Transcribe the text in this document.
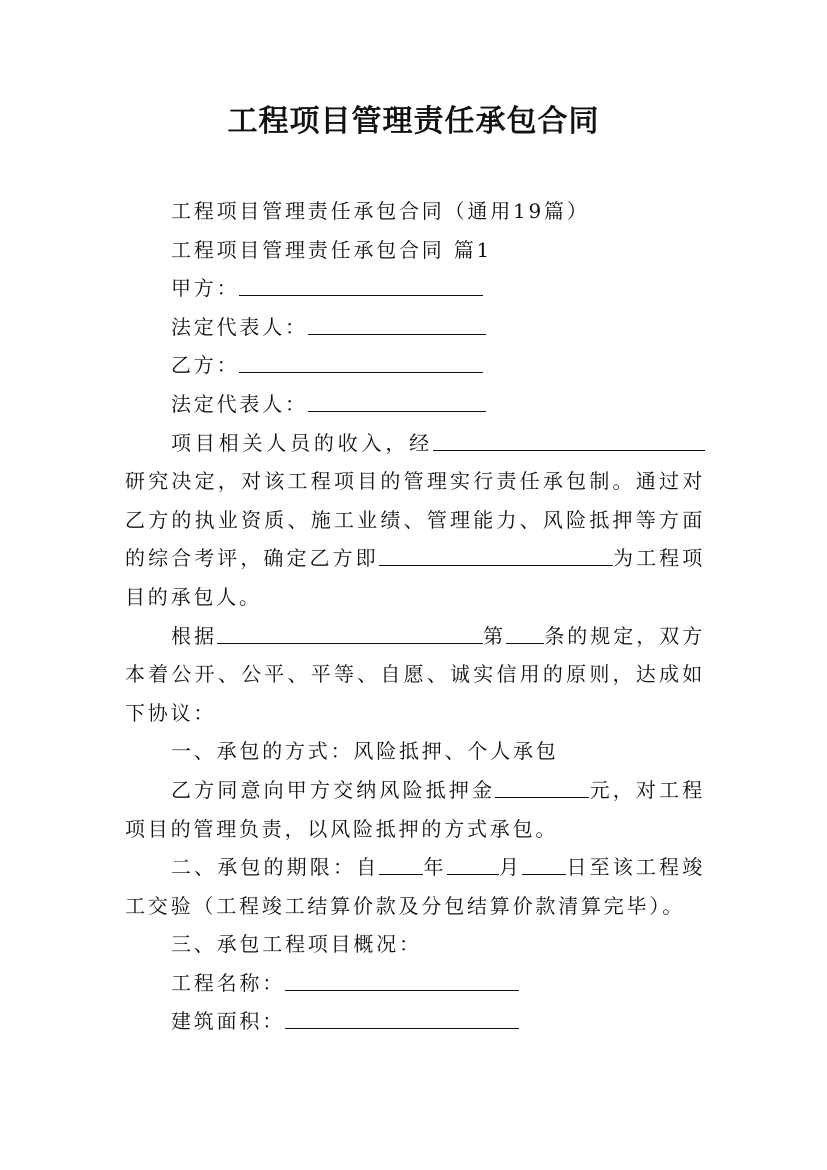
工程项目管理责任承包合同

工程项目管理责任承包合同（通用19篇）

工程项目管理责任承包合同 篇1

甲方：

法定代表人：

乙方：

法定代表人：

项目相关人员的收入，经研究决定，对该工程项目的管理实行责任承包制。通过对乙方的执业资质、施工业绩、管理能力、风险抵押等方面的综合考评，确定乙方即	为工程项目的承包人。

根据	第 条的规定，双方本着公开、公平、平等、自愿、诚实信用的原则，达成如下协议：

一、承包的方式：风险抵押、个人承包

乙方同意向甲方交纳风险抵押金	元，对工程项目的管理负责，以风险抵押的方式承包。

二、承包的期限：自 年	月 日至该工程竣工交验（工程竣工结算价款及分包结算价款清算完毕）。

三、承包工程项目概况：

工程名称：

建筑面积：
